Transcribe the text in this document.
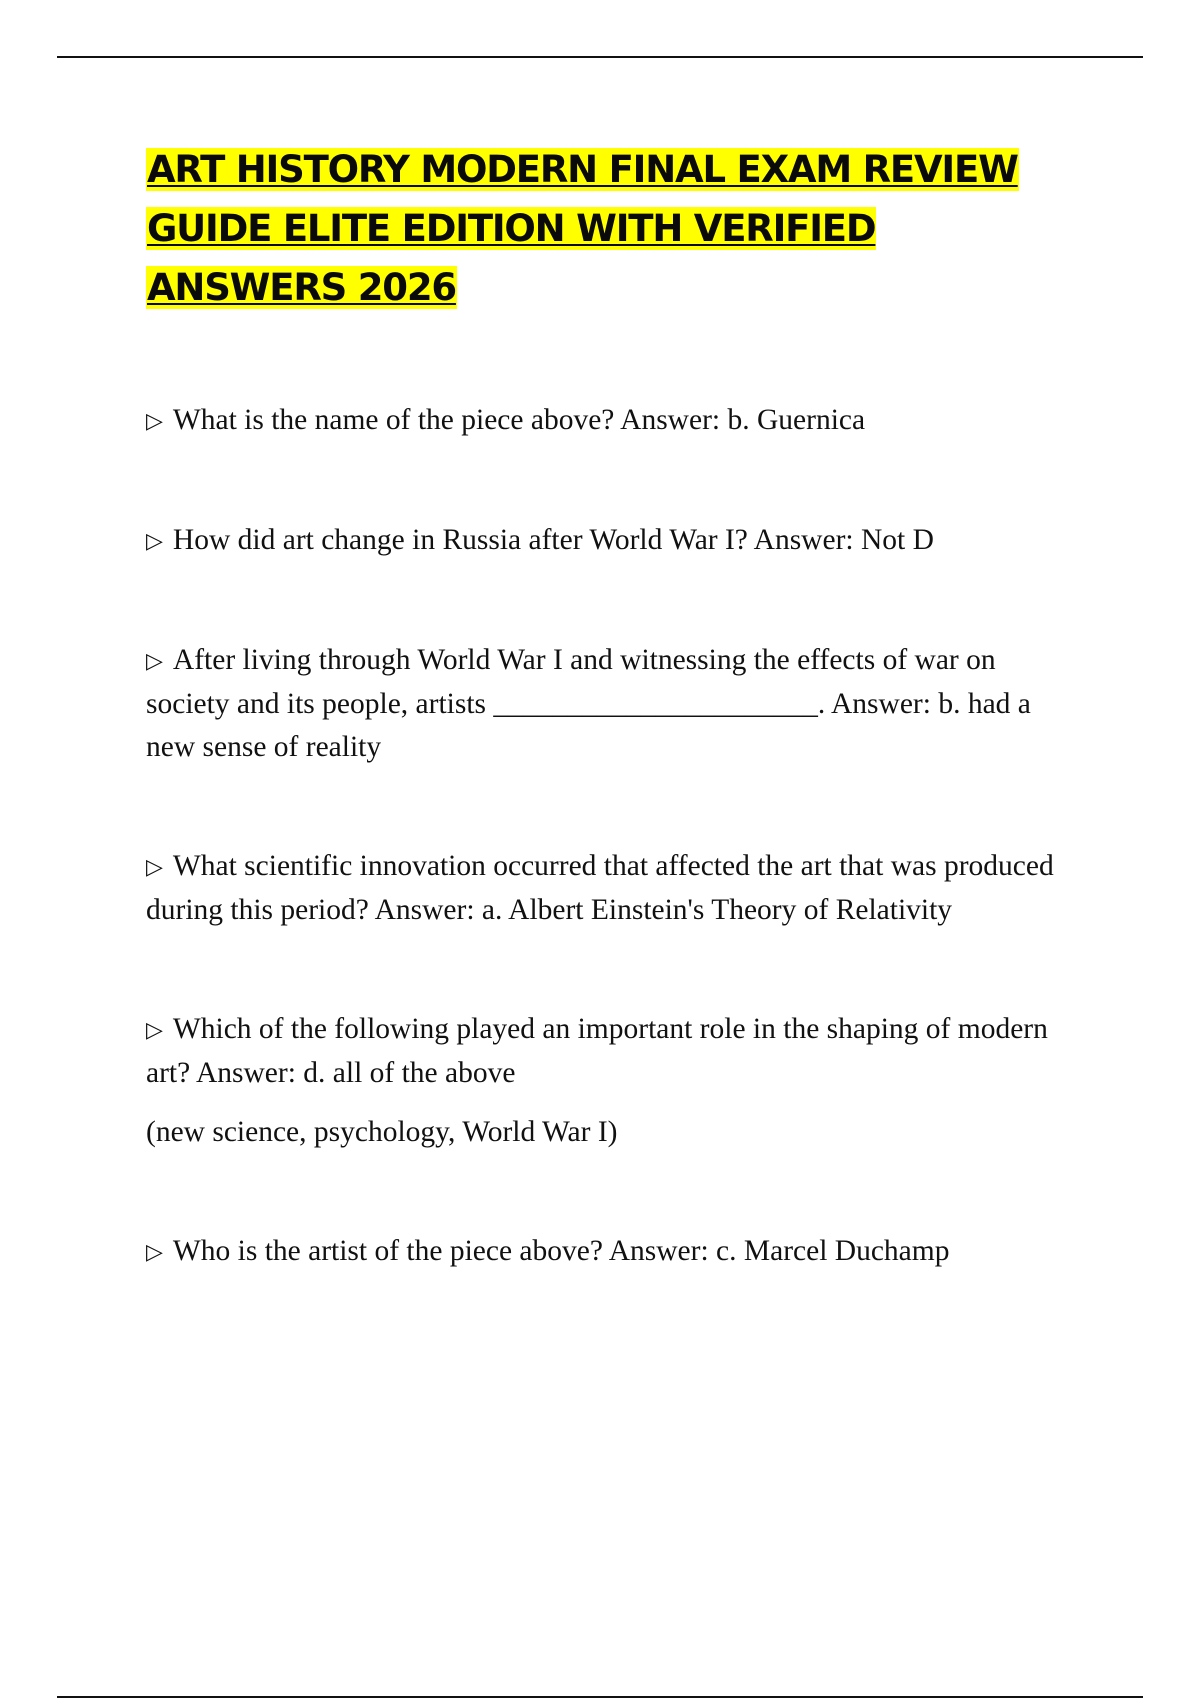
ART HISTORY MODERN FINAL EXAM REVIEW GUIDE ELITE EDITION WITH VERIFIED ANSWERS 2026

▷ What is the name of the piece above? Answer: b. Guernica

▷ How did art change in Russia after World War I? Answer: Not D

▷ After living through World War I and witnessing the effects of war on society and its people, artists ______________________. Answer: b. had a new sense of reality

▷ What scientific innovation occurred that affected the art that was produced during this period? Answer: a. Albert Einstein's Theory of Relativity

▷ Which of the following played an important role in the shaping of modern art? Answer: d. all of the above

(new science, psychology, World War I)

▷ Who is the artist of the piece above? Answer: c. Marcel Duchamp
